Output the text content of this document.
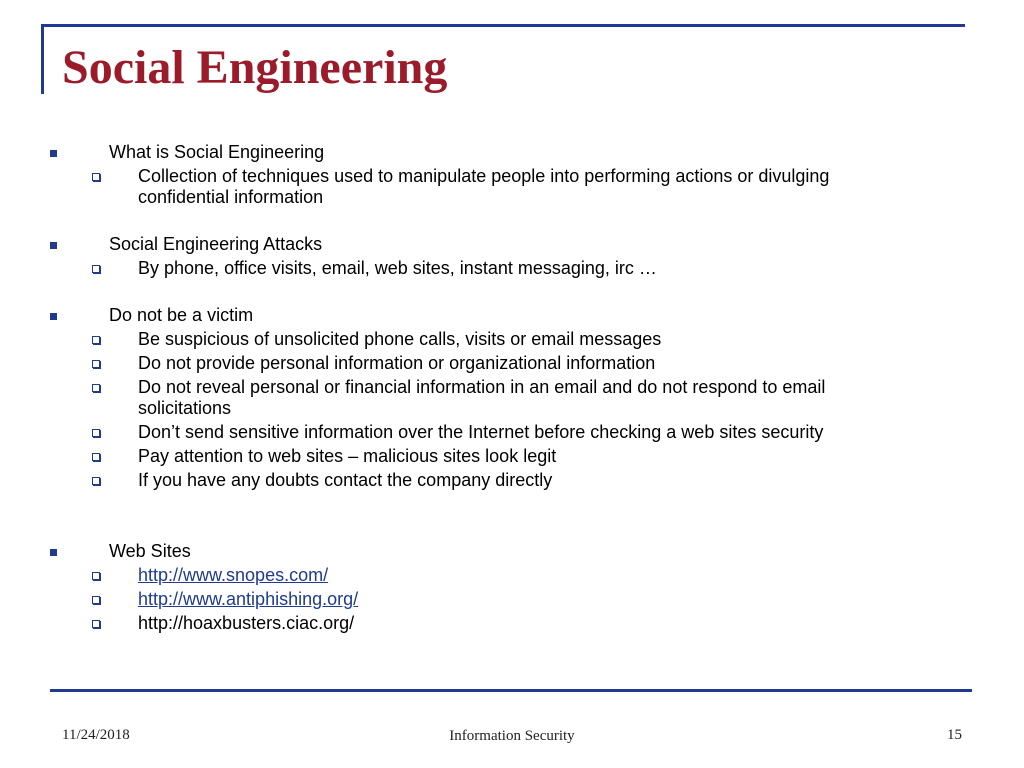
Social Engineering
What is Social Engineering
Collection of techniques used to manipulate people into performing actions or divulging confidential information
Social Engineering Attacks
By phone, office visits, email, web sites, instant messaging, irc …
Do not be a victim
Be suspicious of unsolicited phone calls, visits or email messages
Do not provide personal information or organizational information
Do not reveal personal or financial information in an email and do not respond to email solicitations
Don’t send sensitive information over the Internet before checking a web sites security
Pay attention to web sites – malicious sites look legit
If you have any doubts contact the company directly
Web Sites
http://www.snopes.com/
http://www.antiphishing.org/
http://hoaxbusters.ciac.org/
11/24/2018	Information Security	15
